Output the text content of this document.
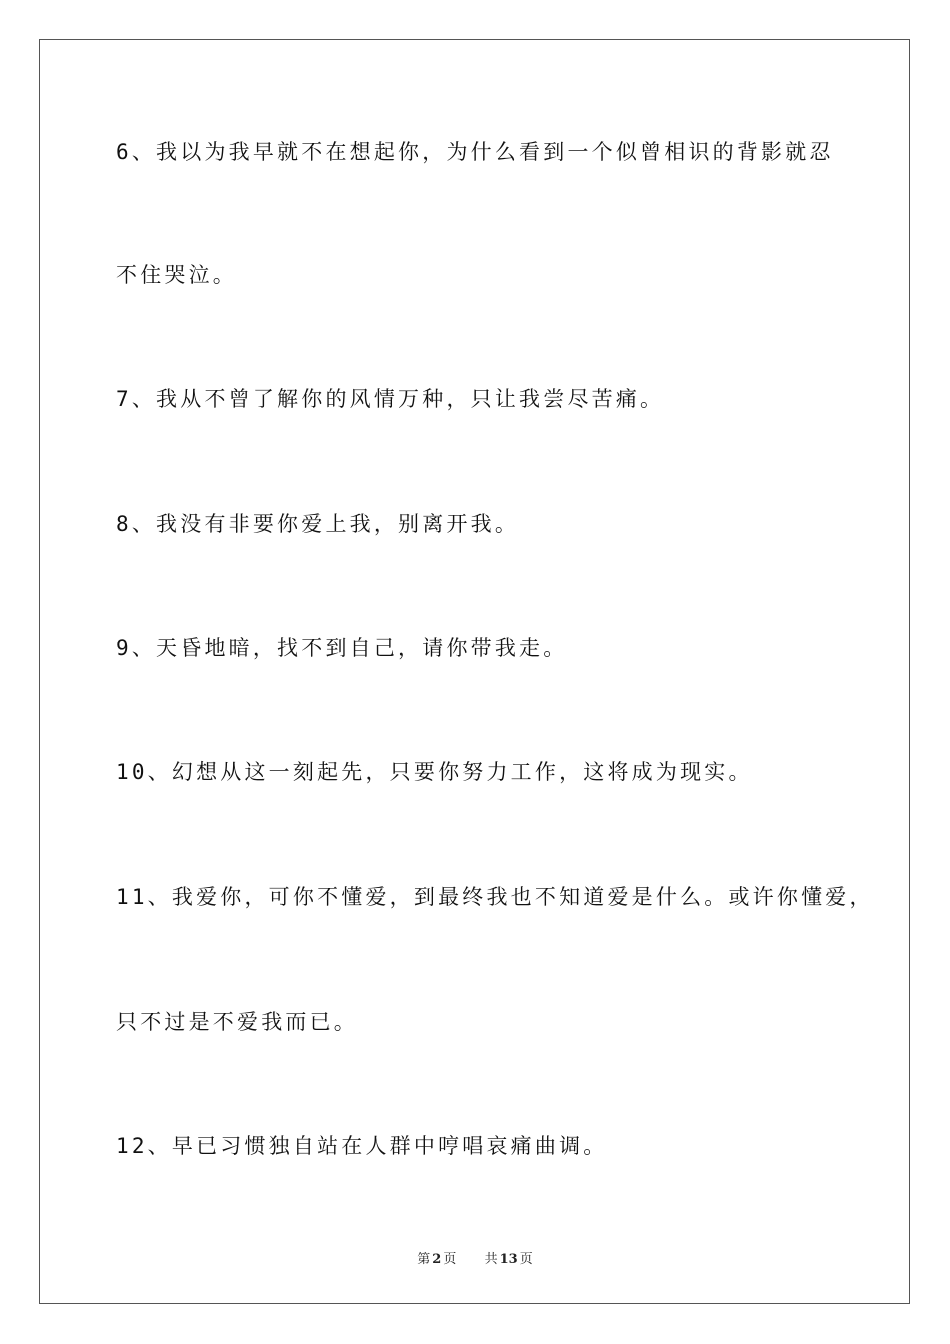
6、我以为我早就不在想起你，为什么看到一个似曾相识的背影就忍
不住哭泣。
7、我从不曾了解你的风情万种，只让我尝尽苦痛。
8、我没有非要你爱上我，别离开我。
9、天昏地暗，找不到自己，请你带我走。
10、幻想从这一刻起先，只要你努力工作，这将成为现实。
11、我爱你，可你不懂爱，到最终我也不知道爱是什么。或许你懂爱，
只不过是不爱我而已。
12、早已习惯独自站在人群中哼唱哀痛曲调。
第 2 页 共 13 页
